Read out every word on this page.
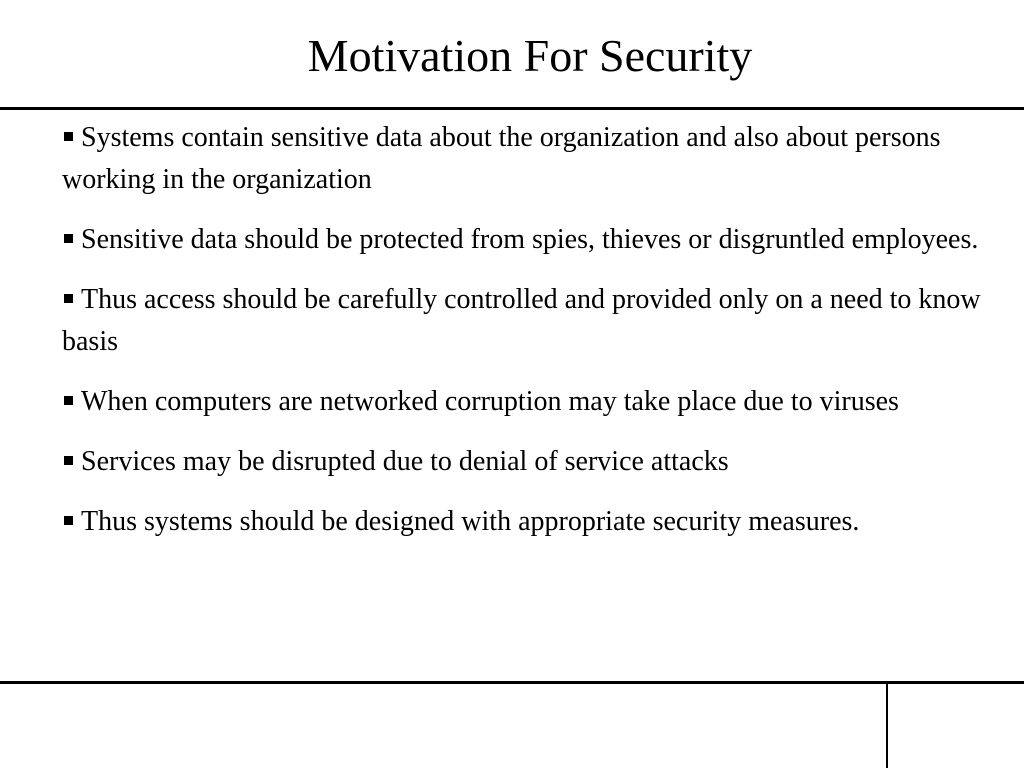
Motivation For Security
Systems contain sensitive data about the organization and also about persons working in the organization
Sensitive data should be protected from spies, thieves or disgruntled employees.
Thus access should be carefully controlled and provided only on a need to know basis
When computers are networked corruption may take place due to viruses
Services may be disrupted due to denial of service attacks
Thus systems should be designed with appropriate security measures.
